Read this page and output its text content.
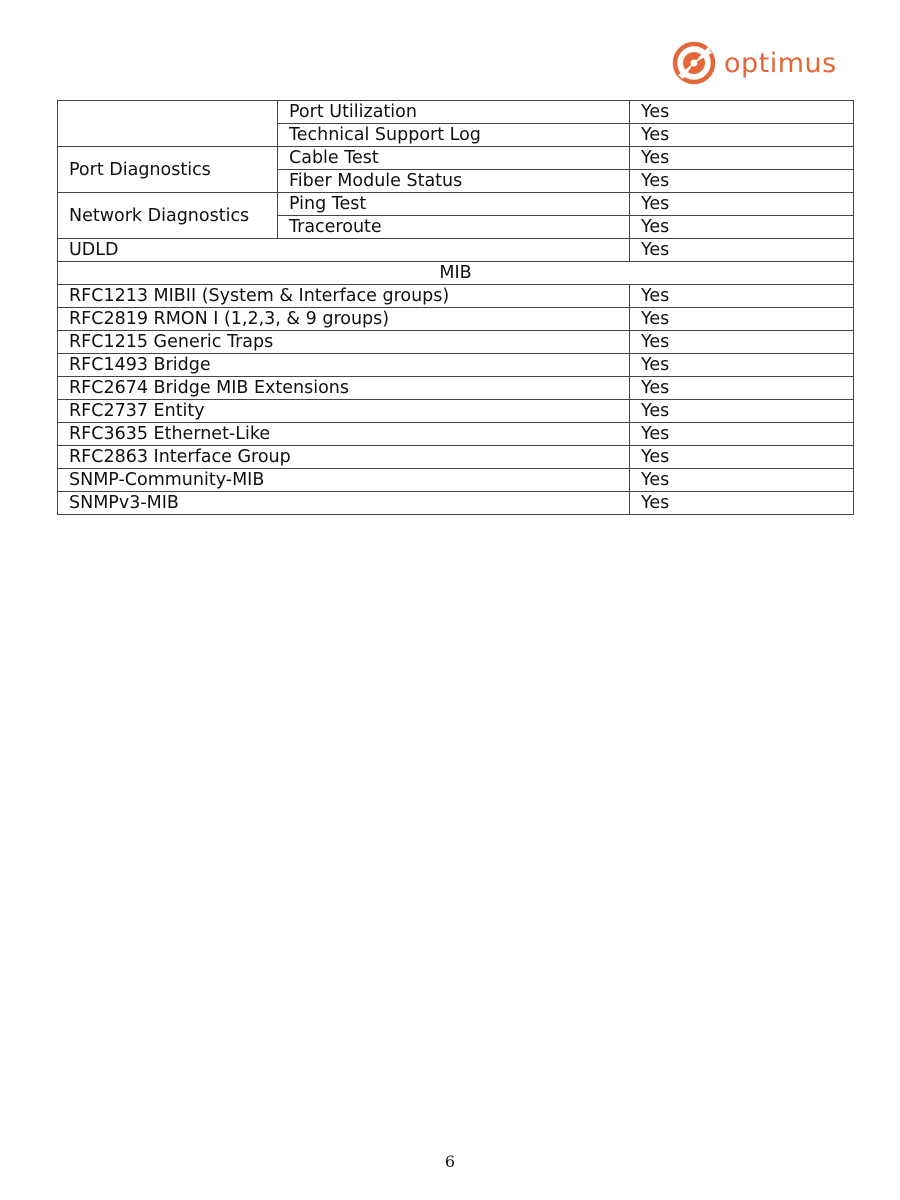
optimus
	Port Utilization	Yes
	Technical Support Log	Yes
Port Diagnostics	Cable Test	Yes
	Fiber Module Status	Yes
Network Diagnostics	Ping Test	Yes
	Traceroute	Yes
UDLD		Yes
MIB		
RFC1213 MIBII (System & Interface groups)		Yes
RFC2819 RMON I (1,2,3, & 9 groups)		Yes
RFC1215 Generic Traps		Yes
RFC1493 Bridge		Yes
RFC2674 Bridge MIB Extensions		Yes
RFC2737 Entity		Yes
RFC3635 Ethernet-Like		Yes
RFC2863 Interface Group		Yes
SNMP-Community-MIB		Yes
SNMPv3-MIB		Yes
6
